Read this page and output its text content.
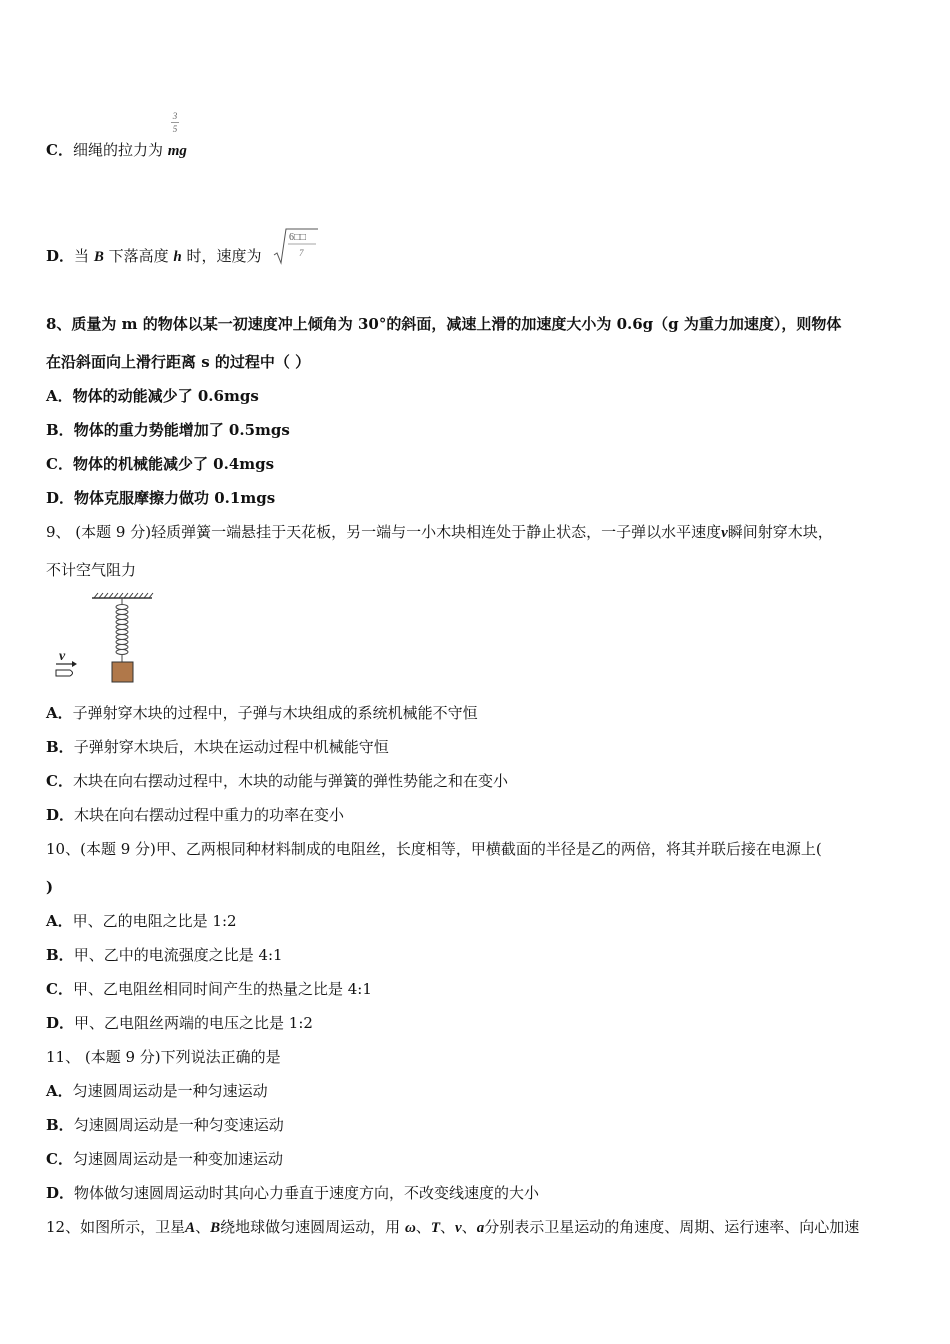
3
5
C．细绳的拉力为 mg
D．当 B 下落高度 h 时，速度为
6□□
7
8、质量为 m 的物体以某一初速度冲上倾角为 30°的斜面，减速上滑的加速度大小为 0.6g（g 为重力加速度），则物体
在沿斜面向上滑行距离 s 的过程中（ ）
A．物体的动能减少了 0.6mgs
B．物体的重力势能增加了 0.5mgs
C．物体的机械能减少了 0.4mgs
D．物体克服摩擦力做功 0.1mgs
9、 (本题 9 分)轻质弹簧一端悬挂于天花板，另一端与一小木块相连处于静止状态，一子弹以水平速度v瞬间射穿木块，
不计空气阻力
v
A．子弹射穿木块的过程中，子弹与木块组成的系统机械能不守恒
B．子弹射穿木块后，木块在运动过程中机械能守恒
C．木块在向右摆动过程中，木块的动能与弹簧的弹性势能之和在变小
D．木块在向右摆动过程中重力的功率在变小
10、(本题 9 分)甲、乙两根同种材料制成的电阻丝，长度相等，甲横截面的半径是乙的两倍，将其并联后接在电源上(
)
A．甲、乙的电阻之比是 1:2
B．甲、乙中的电流强度之比是 4:1
C．甲、乙电阻丝相同时间产生的热量之比是 4:1
D．甲、乙电阻丝两端的电压之比是 1:2
11、 (本题 9 分)下列说法正确的是
A．匀速圆周运动是一种匀速运动
B．匀速圆周运动是一种匀变速运动
C．匀速圆周运动是一种变加速运动
D．物体做匀速圆周运动时其向心力垂直于速度方向，不改变线速度的大小
12、如图所示，卫星A、B绕地球做匀速圆周运动，用 ω、T、v、a分别表示卫星运动的角速度、周期、运行速率、向心加速
